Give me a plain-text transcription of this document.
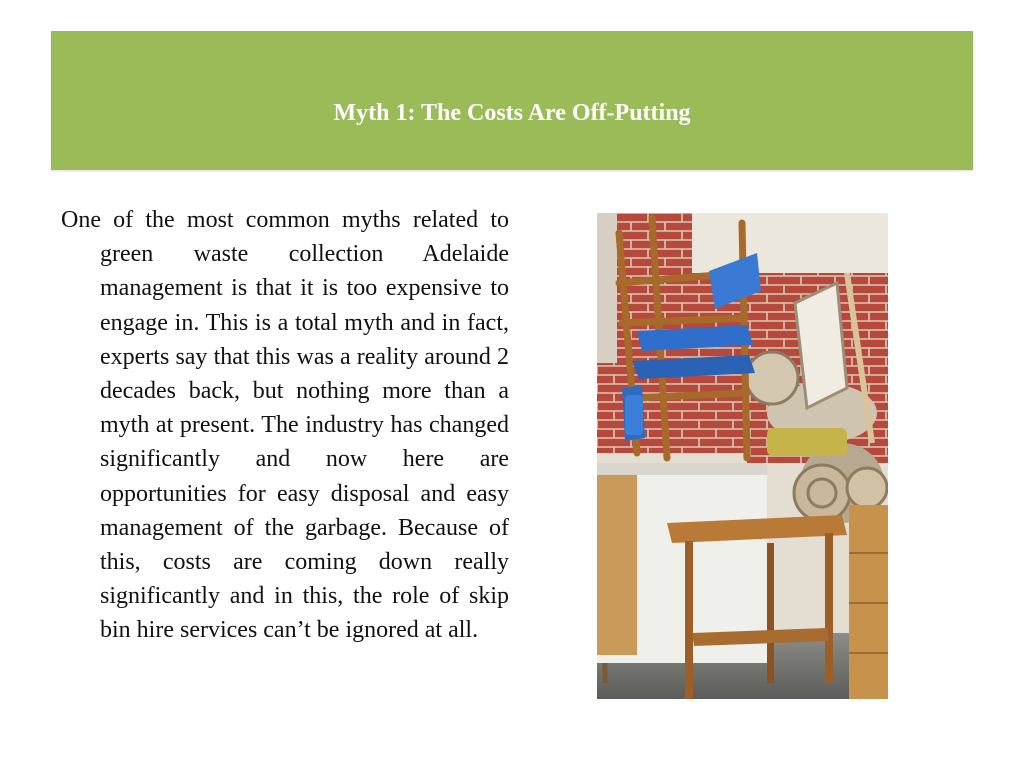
Myth 1: The Costs Are Off-Putting

One of the most common myths related to green waste collection Adelaide management is that it is too expensive to engage in. This is a total myth and in fact, experts say that this was a reality around 2 decades back, but nothing more than a myth at present. The industry has changed significantly and now here are opportunities for easy disposal and easy management of the garbage. Because of this, costs are coming down really significantly and in this, the role of skip bin hire services can’t be ignored at all.
